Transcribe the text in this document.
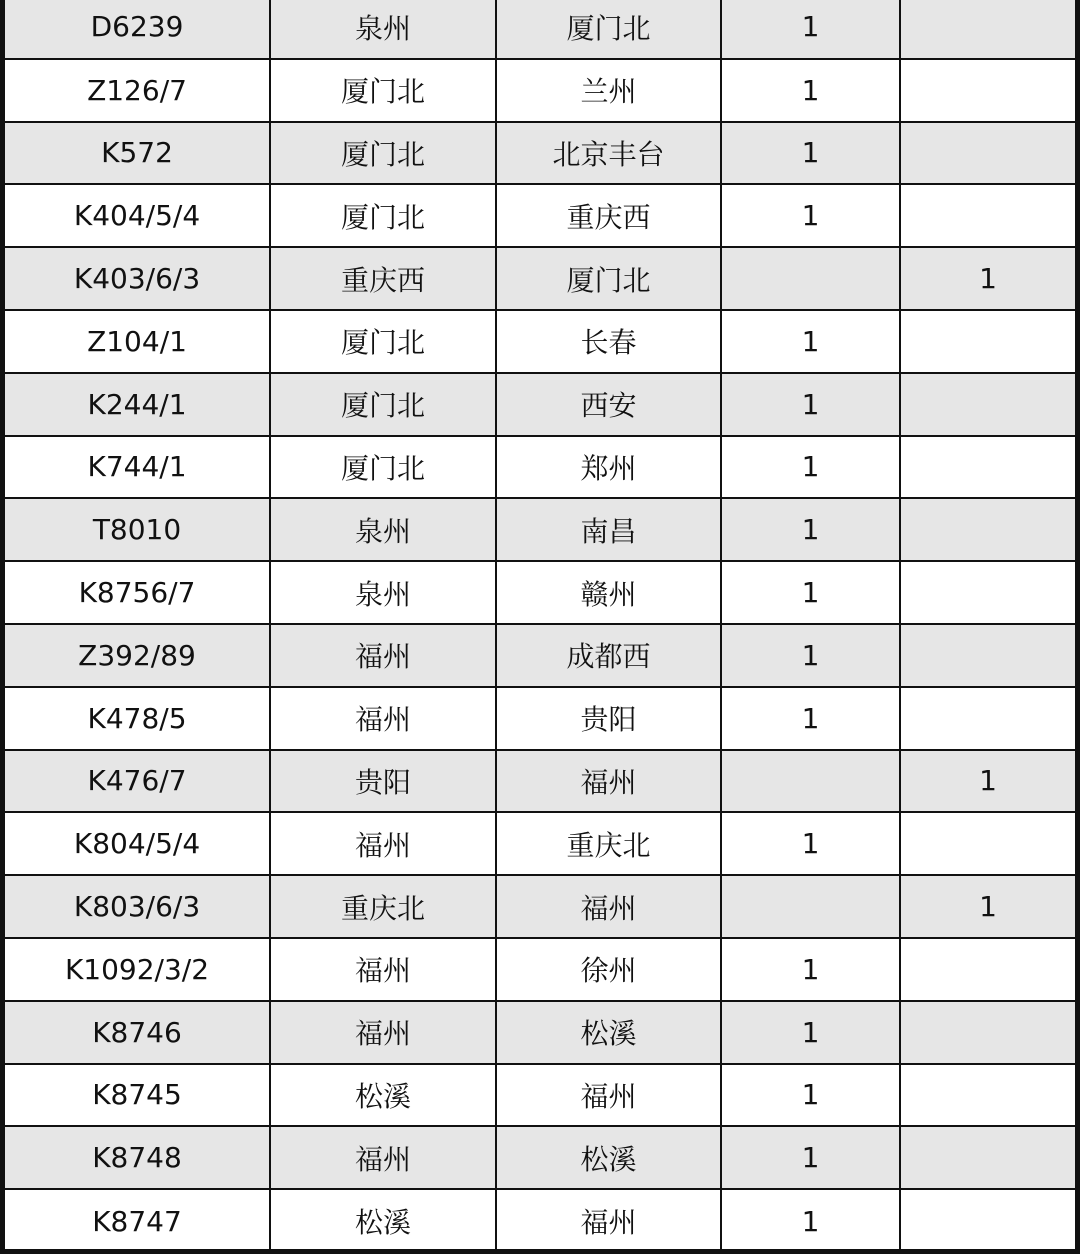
D6239	泉州	厦门北	1	
Z126/7	厦门北	兰州	1	
K572	厦门北	北京丰台	1	
K404/5/4	厦门北	重庆西	1	
K403/6/3	重庆西	厦门北		1
Z104/1	厦门北	长春	1	
K244/1	厦门北	西安	1	
K744/1	厦门北	郑州	1	
T8010	泉州	南昌	1	
K8756/7	泉州	赣州	1	
Z392/89	福州	成都西	1	
K478/5	福州	贵阳	1	
K476/7	贵阳	福州		1
K804/5/4	福州	重庆北	1	
K803/6/3	重庆北	福州		1
K1092/3/2	福州	徐州	1	
K8746	福州	松溪	1	
K8745	松溪	福州	1	
K8748	福州	松溪	1	
K8747	松溪	福州	1	
